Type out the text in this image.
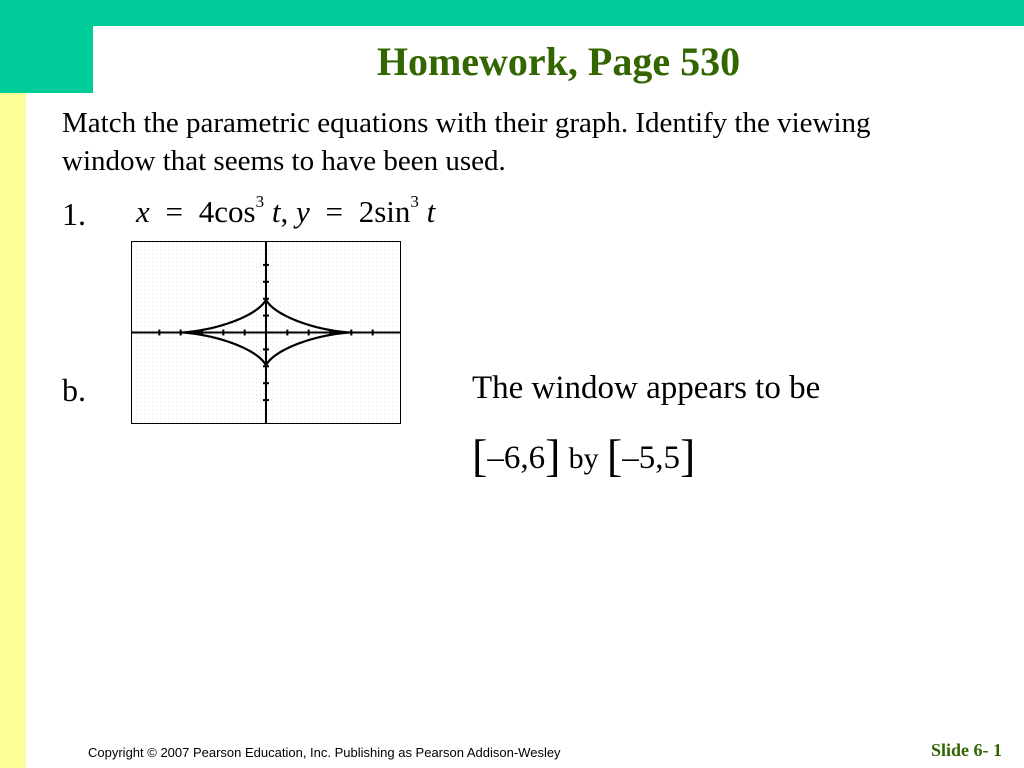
Homework, Page 530
Match the parametric equations with their graph. Identify the viewing window that seems to have been used.
1. $x = 4\cos^3$ t, $y = 2\sin^3$ t
b.	The window appears to be
[–6,6] by [–5,5]
Copyright © 2007 Pearson Education, Inc. Publishing as Pearson Addison-Wesley	Slide 6- 1
